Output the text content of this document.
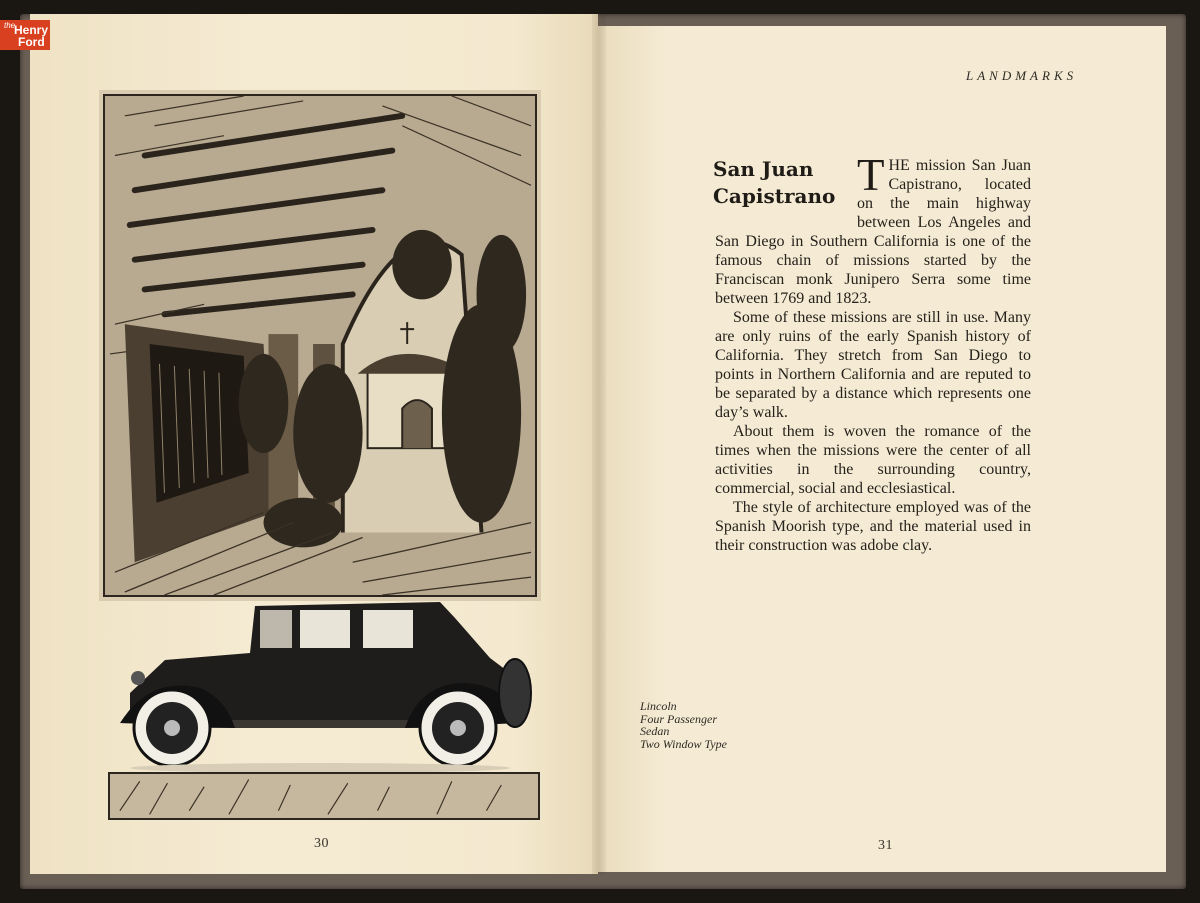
the
Henry
Ford
30
LANDMARKS
San Juan
Capistrano THE mission San Juan Capistrano, located on the main highway between Los Angeles and San Diego in Southern California is one of the famous chain of missions started by the Franciscan monk Junipero Serra some time between 1769 and 1823.

Some of these missions are still in use. Many are only ruins of the early Spanish history of California. They stretch from San Diego to points in Northern California and are reputed to be separated by a distance which represents one day’s walk.

About them is woven the romance of the times when the missions were the center of all activities in the surrounding country, commercial, social and ecclesiastical.

The style of architecture employed was of the Spanish Moorish type, and the material used in their construction was adobe clay.

Lincoln
Four Passenger
Sedan
Two Window Type
31
